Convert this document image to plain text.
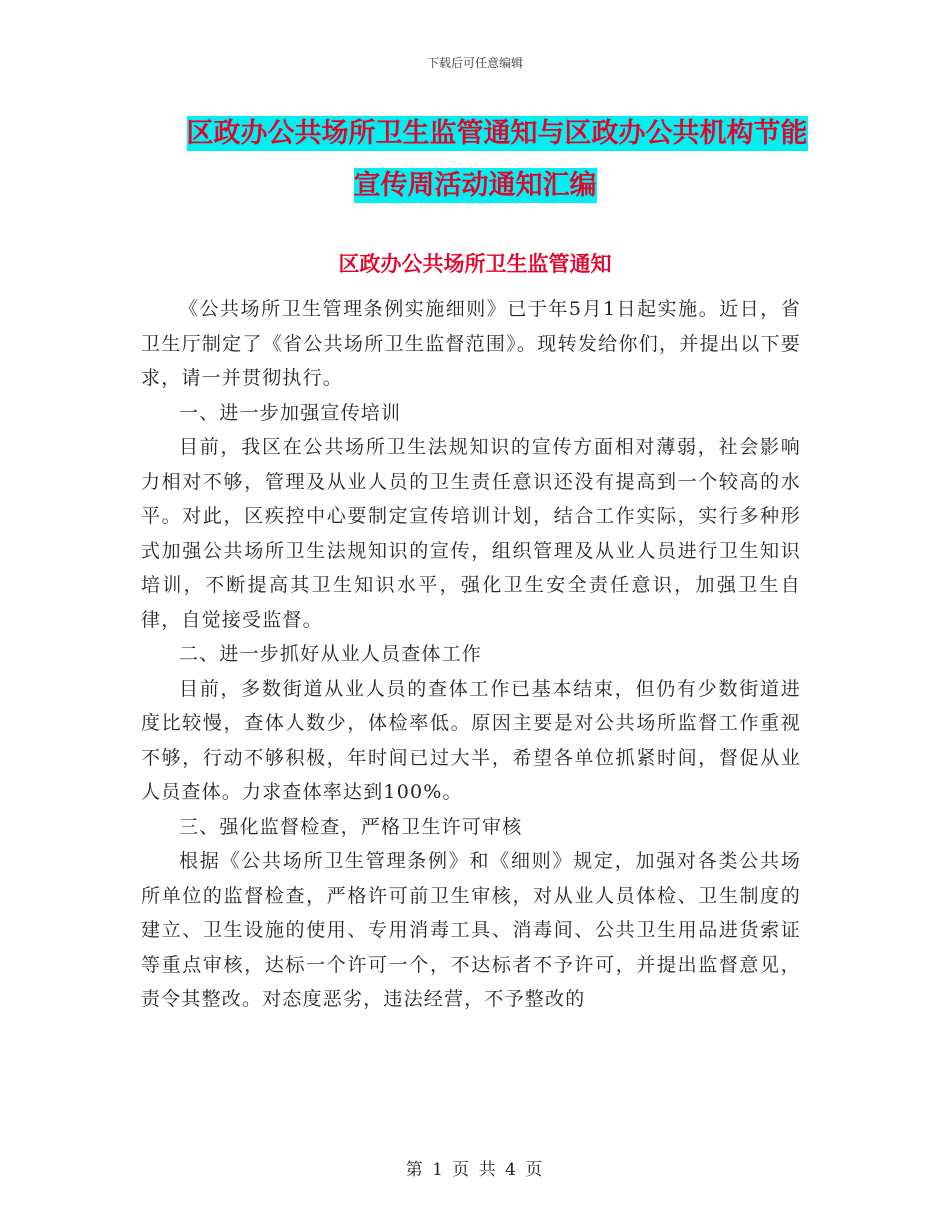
下载后可任意编辑
区政办公共场所卫生监管通知与区政办公共机构节能
宣传周活动通知汇编
区政办公共场所卫生监管通知

《公共场所卫生管理条例实施细则》已于年5月1日起实施。近日，省卫生厅制定了《省公共场所卫生监督范围》。现转发给你们，并提出以下要求，请一并贯彻执行。

一、进一步加强宣传培训

目前，我区在公共场所卫生法规知识的宣传方面相对薄弱，社会影响力相对不够，管理及从业人员的卫生责任意识还没有提高到一个较高的水平。对此，区疾控中心要制定宣传培训计划，结合工作实际，实行多种形式加强公共场所卫生法规知识的宣传，组织管理及从业人员进行卫生知识培训，不断提高其卫生知识水平，强化卫生安全责任意识，加强卫生自律，自觉接受监督。

二、进一步抓好从业人员查体工作

目前，多数街道从业人员的查体工作已基本结束，但仍有少数街道进度比较慢，查体人数少，体检率低。原因主要是对公共场所监督工作重视不够，行动不够积极，年时间已过大半，希望各单位抓紧时间，督促从业人员查体。力求查体率达到100%。

三、强化监督检查，严格卫生许可审核

根据《公共场所卫生管理条例》和《细则》规定，加强对各类公共场所单位的监督检查，严格许可前卫生审核，对从业人员体检、卫生制度的建立、卫生设施的使用、专用消毒工具、消毒间、公共卫生用品进货索证等重点审核，达标一个许可一个，不达标者不予许可，并提出监督意见，责令其整改。对态度恶劣，违法经营，不予整改的

第 1 页 共 4 页
